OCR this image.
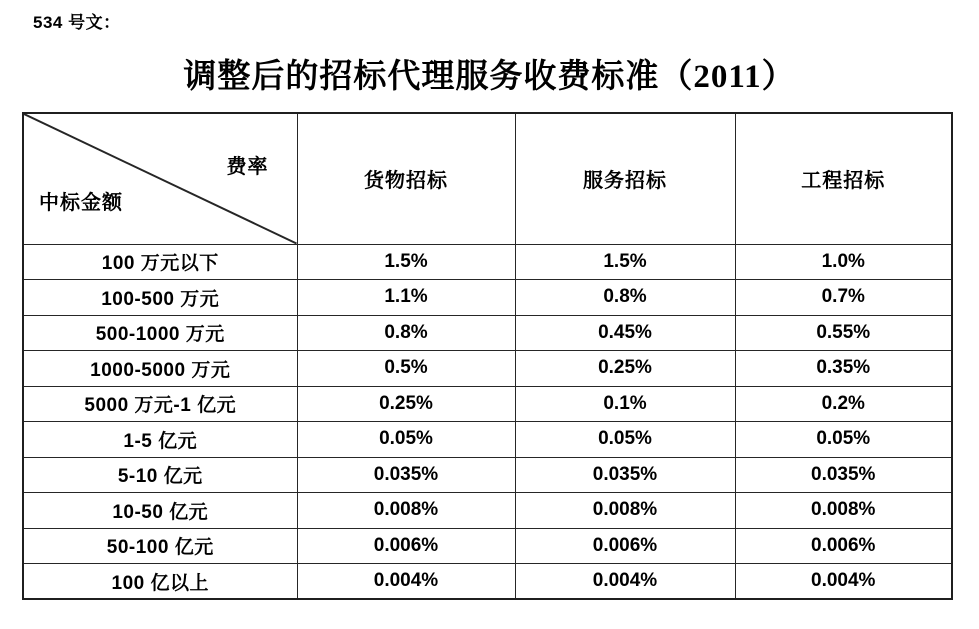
534 号文：
调整后的招标代理服务收费标准（2011）
费率
中标金额	货物招标	服务招标	工程招标
100 万元以下	1.5%	1.5%	1.0%
100-500 万元	1.1%	0.8%	0.7%
500-1000 万元	0.8%	0.45%	0.55%
1000-5000 万元	0.5%	0.25%	0.35%
5000 万元-1 亿元	0.25%	0.1%	0.2%
1-5 亿元	0.05%	0.05%	0.05%
5-10 亿元	0.035%	0.035%	0.035%
10-50 亿元	0.008%	0.008%	0.008%
50-100 亿元	0.006%	0.006%	0.006%
100 亿以上	0.004%	0.004%	0.004%
